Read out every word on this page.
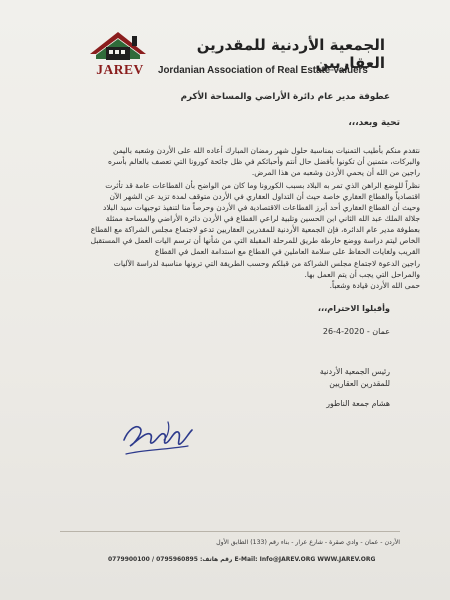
JAREV
الجمعية الأردنية للمقدرين العقاريين
Jordanian Association of Real Estate Valuers
عطوفة مدير عام دائرة الأراضي والمساحة الأكرم
تحية وبعد،،،
نتقدم منكم بأطيب التمنيات بمناسبة حلول شهر رمضان المبارك أعاده الله على الأردن وشعبه باليمن
والبركات، متمنين أن تكونوا بأفضل حال أنتم وأحبائكم في ظل جائحة كورونا التي تعصف بالعالم بأسره
راجين من الله أن يحمي الأردن وشعبه من هذا المرض.
نظراً للوضع الراهن الذي تمر به البلاد بسبب الكورونا وما كان من الواضح بأن القطاعات عامة قد تأثرت
اقتصادياً والقطاع العقاري خاصة حيث أن التداول العقاري في الأردن متوقف لمدة تزيد عن الشهر الآن
وحيث أن القطاع العقاري أحد أبرز القطاعات الاقتصادية في الأردن وحرصاً منا لتنفيذ توجيهات سيد البلاد
جلالة الملك عبد الله الثاني ابن الحسين وتلبية لراعي القطاع في الأردن دائرة الأراضي والمساحة ممثلة
بعطوفة مدير عام الدائرة، فإن الجمعية الأردنية للمقدرين العقاريين تدعو لاجتماع مجلس الشراكة مع القطاع
الخاص ليتم دراسة ووضع خارطة طريق للمرحلة المقبلة التي من شأنها أن ترسم اليات العمل في المستقبل
القريب ولغايات الحفاظ على سلامة العاملين في القطاع مع استدامة العمل في القطاع
راجين الدعوة لاجتماع مجلس الشراكة من قبلكم وحسب الطريقة التي ترونها مناسبة لدراسة الآليات
والمراحل التي يجب أن يتم العمل بها.
حمى الله الأردن قيادة وشعباً.
وأقبلوا الاحترام،،،
عمان - 2020-4-26
رئيس الجمعية الأردنية
للمقدرين العقاريين
هشام جمعة الناطور
الأردن - عمان - وادي صقرة - شارع عرار - بناء رقم (133) الطابق الأول
0779900100 / 0795960895 :رقم هاتف E-Mail: Info@JAREV.ORG WWW.JAREV.ORG
